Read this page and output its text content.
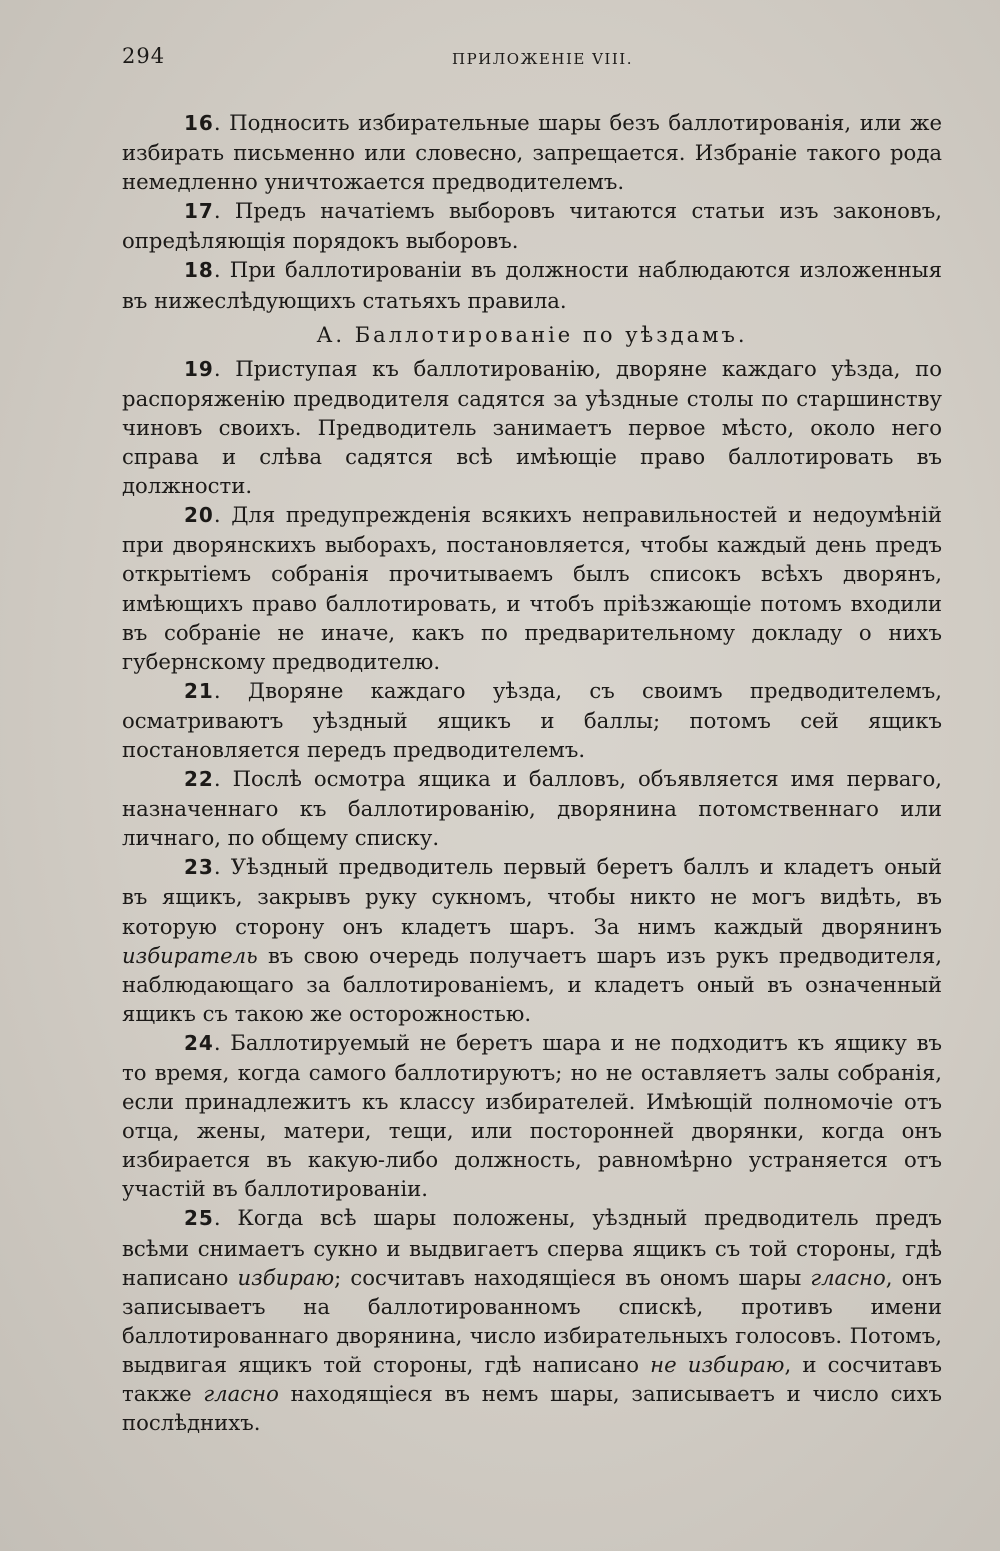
294	ПРИЛОЖЕНІЕ VIII.

16. Подносить избирательные шары безъ баллотированія, или же избирать письменно или словесно, запрещается. Избраніе такого рода немедленно уничтожается предводителемъ.

17. Предъ начатіемъ выборовъ читаются статьи изъ законовъ, опредѣляющія порядокъ выборовъ.

18. При баллотированіи въ должности наблюдаются изложенныя въ нижеслѣдующихъ статьяхъ правила.

А. Баллотированіе по уѣздамъ.

19. Приступая къ баллотированію, дворяне каждаго уѣзда, по распоряженію предводителя садятся за уѣздные столы по старшинству чиновъ своихъ. Предводитель занимаетъ первое мѣсто, около него справа и слѣва садятся всѣ имѣющіе право баллотировать въ должности.

20. Для предупрежденія всякихъ неправильностей и недоумѣній при дворянскихъ выборахъ, постановляется, чтобы каждый день предъ открытіемъ собранія прочитываемъ былъ списокъ всѣхъ дворянъ, имѣющихъ право баллотировать, и чтобъ пріѣзжающіе потомъ входили въ собраніе не иначе, какъ по предварительному докладу о нихъ губернскому предводителю.

21. Дворяне каждаго уѣзда, съ своимъ предводителемъ, осматриваютъ уѣздный ящикъ и баллы; потомъ сей ящикъ постановляется передъ предводителемъ.

22. Послѣ осмотра ящика и балловъ, объявляется имя перваго, назначеннаго къ баллотированію, дворянина потомственнаго или личнаго, по общему списку.

23. Уѣздный предводитель первый беретъ баллъ и кладетъ оный въ ящикъ, закрывъ руку сукномъ, чтобы никто не могъ видѣть, въ которую сторону онъ кладетъ шаръ. За нимъ каждый дворянинъ избиратель въ свою очередь получаетъ шаръ изъ рукъ предводителя, наблюдающаго за баллотированіемъ, и кладетъ оный въ означенный ящикъ съ такою же осторожностью.

24. Баллотируемый не беретъ шара и не подходитъ къ ящику въ то время, когда самого баллотируютъ; но не оставляетъ залы собранія, если принадлежитъ къ классу избирателей. Имѣющій полномочіе отъ отца, жены, матери, тещи, или посторонней дворянки, когда онъ избирается въ какую-либо должность, равномѣрно устраняется отъ участій въ баллотированіи.

25. Когда всѣ шары положены, уѣздный предводитель предъ всѣми снимаетъ сукно и выдвигаетъ сперва ящикъ съ той стороны, гдѣ написано избираю; сосчитавъ находящіеся въ ономъ шары гласно, онъ записываетъ на баллотированномъ спискѣ, противъ имени баллотированнаго дворянина, число избирательныхъ голосовъ. Потомъ, выдвигая ящикъ той стороны, гдѣ написано не избираю, и сосчитавъ также гласно находящіеся въ немъ шары, записываетъ и число сихъ послѣднихъ.
